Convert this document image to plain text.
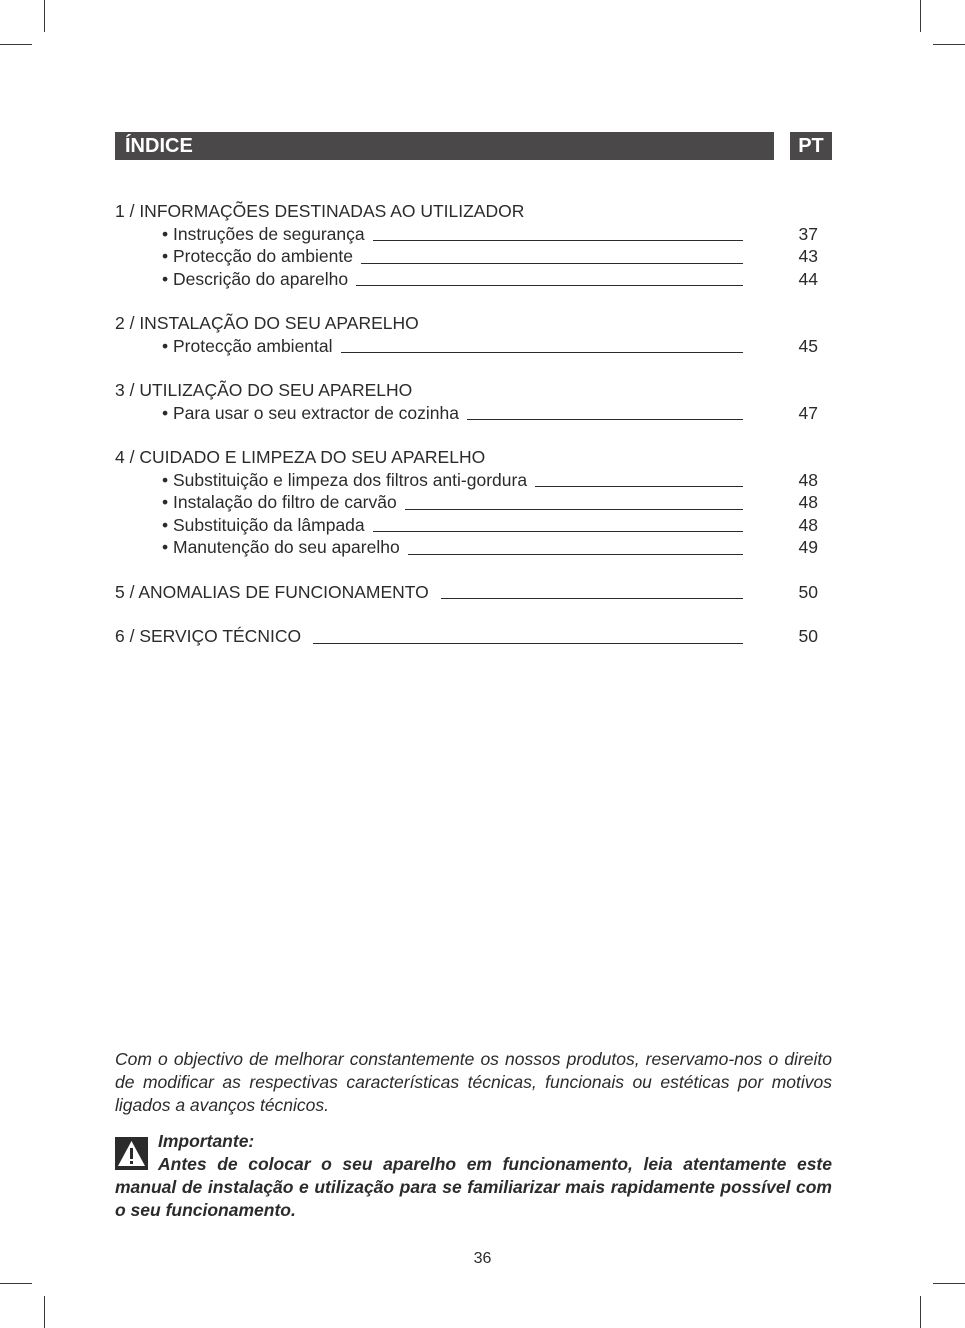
ÍNDICE	PT
1 / INFORMAÇÕES DESTINADAS AO UTILIZADOR
• Instruções de segurança	37
• Protecção do ambiente	43
• Descrição do aparelho	44
2 / INSTALAÇÃO DO SEU APARELHO
• Protecção ambiental	45
3 / UTILIZAÇÃO DO SEU APARELHO
• Para usar o seu extractor de cozinha	47
4 / CUIDADO E LIMPEZA DO SEU APARELHO
• Substituição e limpeza dos filtros anti-gordura	48
• Instalação do filtro de carvão	48
• Substituição da lâmpada	48
• Manutenção do seu aparelho	49
5 / ANOMALIAS DE FUNCIONAMENTO	50
6 / SERVIÇO TÉCNICO	50

Com o objectivo de melhorar constantemente os nossos produtos, reservamo-nos o direito de modificar as respectivas características técnicas, funcionais ou estéticas por motivos ligados a avanços técnicos.

Importante:
Antes de colocar o seu aparelho em funcionamento, leia atentamente este manual de instalação e utilização para se familiarizar mais rapidamente possível com o seu funcionamento.
36
